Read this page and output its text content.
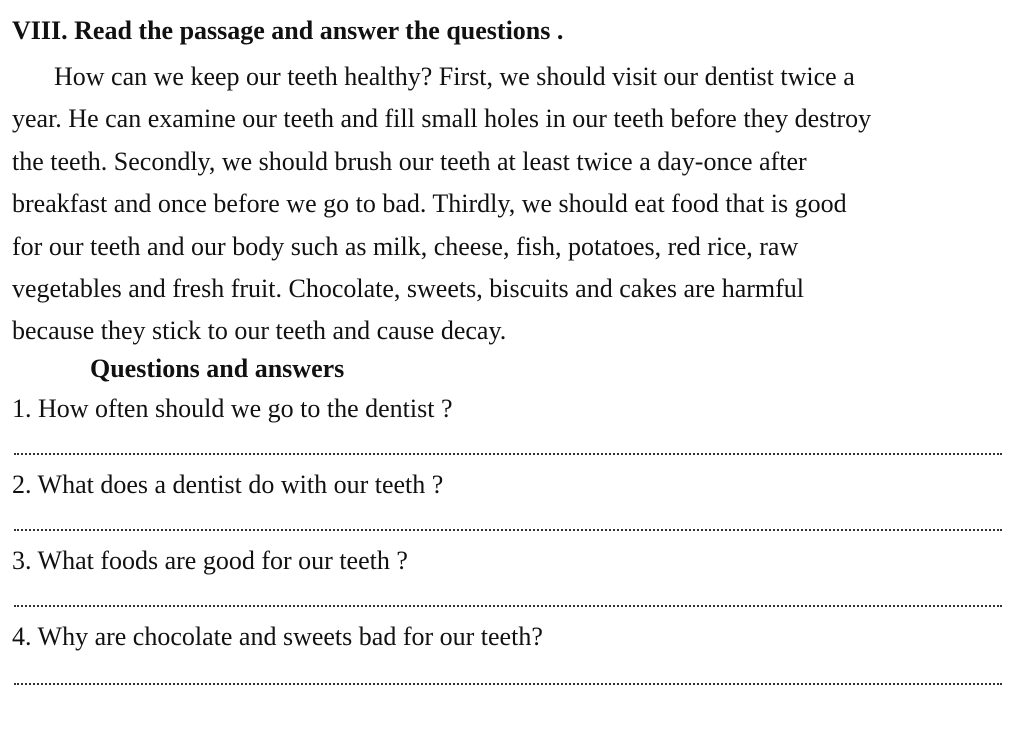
VIII. Read the passage and answer the questions .
How can we keep our teeth healthy? First, we should visit our dentist twice a
year. He can examine our teeth and fill small holes in our teeth before they destroy
the teeth. Secondly, we should brush our teeth at least twice a day-once after
breakfast and once before we go to bad. Thirdly, we should eat food that is good
for our teeth and our body such as milk, cheese, fish, potatoes, red rice, raw
vegetables and fresh fruit. Chocolate, sweets, biscuits and cakes are harmful
because they stick to our teeth and cause decay.
Questions and answers
1. How often should we go to the dentist ?
2. What does a dentist do with our teeth ?
3. What foods are good for our teeth ?
4. Why are chocolate and sweets bad for our teeth?
